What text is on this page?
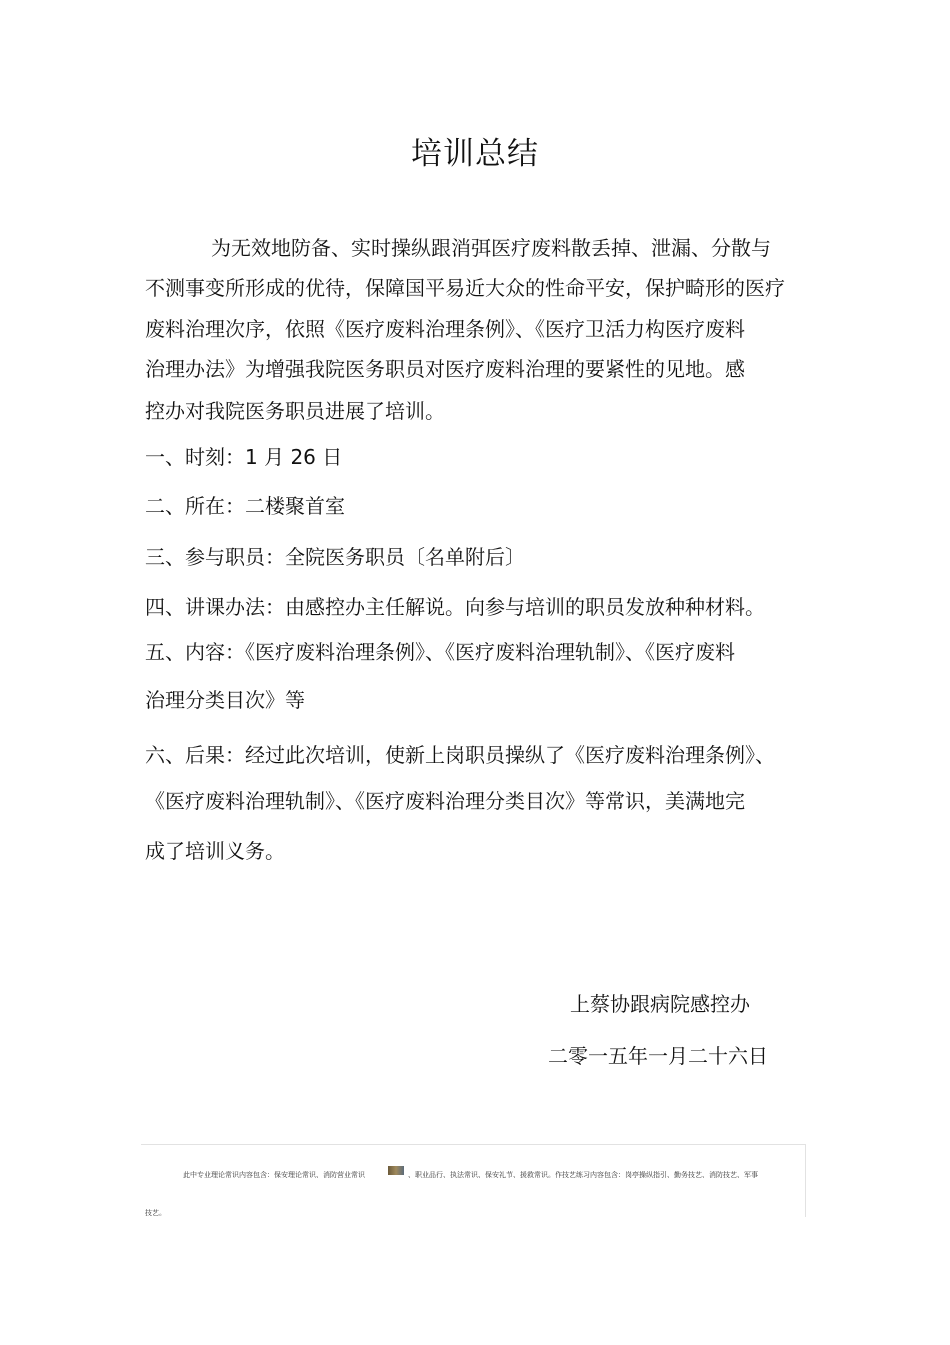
培训总结
为无效地防备、实时操纵跟消弭医疗废料散丢掉、泄漏、分散与
不测事变所形成的优待，保障国平易近大众的性命平安，保护畸形的医疗
废料治理次序，依照《医疗废料治理条例》、《医疗卫活力构医疗废料
治理办法》为增强我院医务职员对医疗废料治理的要紧性的见地。感
控办对我院医务职员进展了培训。
一、时刻：1 月 26 日
二、所在：二楼聚首室
三、参与职员：全院医务职员〔名单附后〕
四、讲课办法：由感控办主任解说。向参与培训的职员发放种种材料。
五、内容：《医疗废料治理条例》、《医疗废料治理轨制》、《医疗废料
治理分类目次》等
六、后果：经过此次培训，使新上岗职员操纵了《医疗废料治理条例》、
《医疗废料治理轨制》、《医疗废料治理分类目次》等常识，美满地完
成了培训义务。
上蔡协跟病院感控办
二零一五年一月二十六日
此中专业理论常识内容包含：保安理论常识、消防营业常识	、职业品行、执法常识、保安礼节、援救常识。作技艺练习内容包含：岗亭操纵指引、勤务技艺、消防技艺、军事
技艺。
